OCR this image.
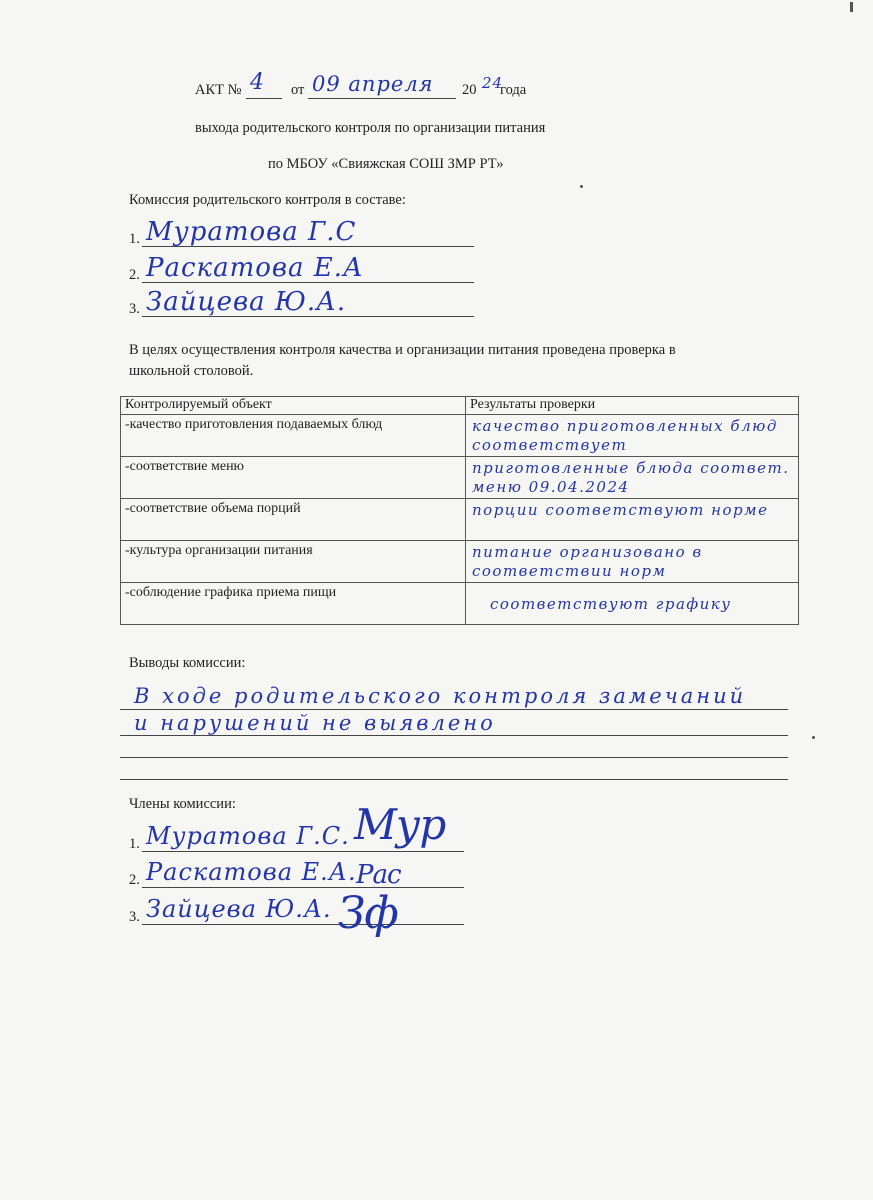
АКТ № 4 от 09 апреля 20 24
года
выхода родительского контроля по организации питания
по МБОУ «Свияжская СОШ ЗМР РТ»
Комиссия родительского контроля в составе:
1. Муратова Г.С
2. Раскатова Е.А
3. Зайцева Ю.А.
В целях осуществления контроля качества и организации питания проведена проверка в
школьной столовой.
Контролируемый объект	Результаты проверки
-качество приготовления подаваемых блюд	качество приготовленных блюд соответствует

-соответствие меню	приготовленные блюда соответ. меню 09.04.2024

-соответствие объема порций	порции соответствуют норме

-культура организации питания	питание организовано в соответствии норм

-соблюдение графика приема пищи	соответствуют графику
Выводы комиссии:
В ходе родительского контроля замечаний
и нарушений не выявлено
Члены комиссии:
1. Муратова Г.С. Мур
2. Раскатова Е.А. Рас
3. Зайцева Ю.А. Зф
